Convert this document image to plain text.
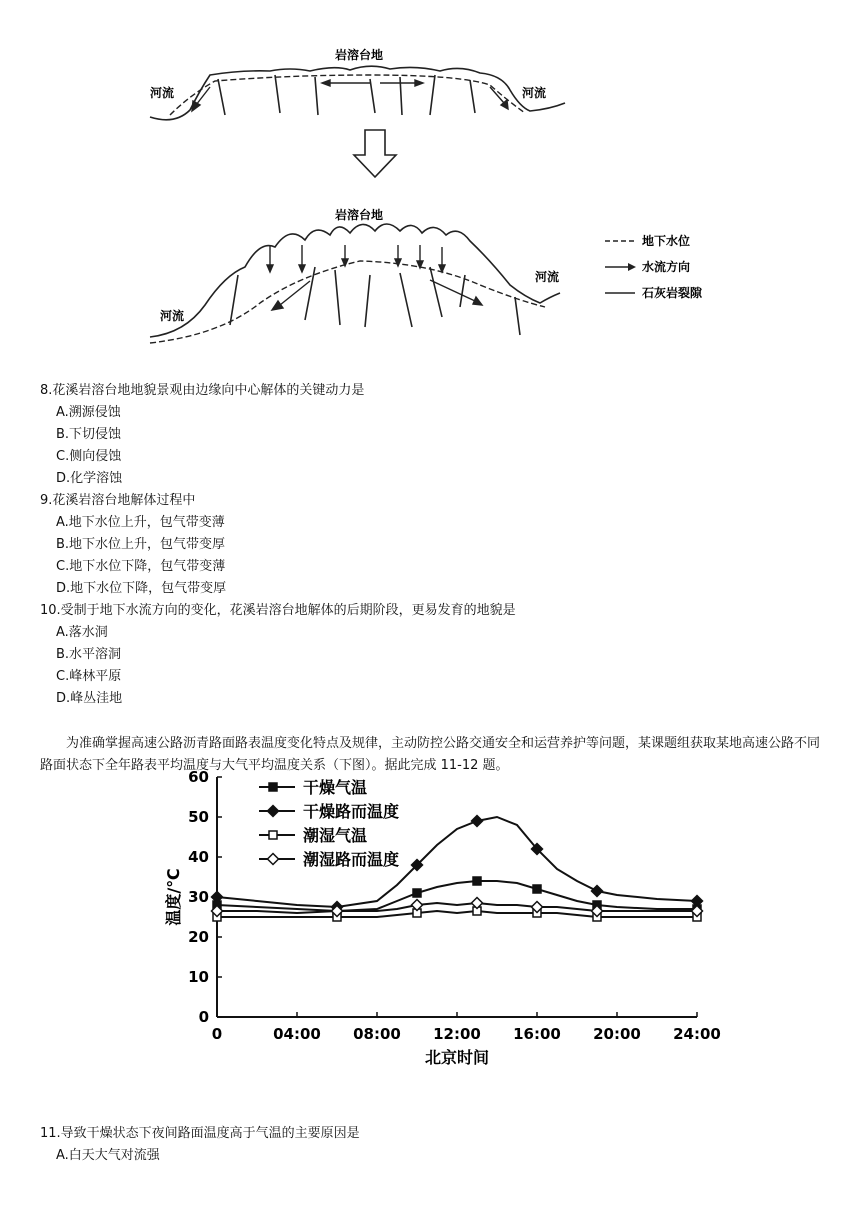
岩溶台地
河流	河流
岩溶台地
河流
河流
地下水位
水流方向
石灰岩裂隙

8.花溪岩溶台地地貌景观由边缘向中心解体的关键动力是

A.溯源侵蚀

B.下切侵蚀

C.侧向侵蚀

D.化学溶蚀

9.花溪岩溶台地解体过程中

A.地下水位上升，包气带变薄

B.地下水位上升，包气带变厚

C.地下水位下降，包气带变薄

D.地下水位下降，包气带变厚

10.受制于地下水流方向的变化，花溪岩溶台地解体的后期阶段，更易发育的地貌是

A.落水洞

B.水平溶洞

C.峰林平原

D.峰丛洼地

为准确掌握高速公路沥青路面路表温度变化特点及规律，主动防控公路交通安全和运营养护等问题，某课题组获取某地高速公路不同路面状态下全年路表平均温度与大气平均温度关系（下图）。据此完成 11-12 题。

0
10
20
30
40
50
60
0	04:00 08:00 12:00 16:00 20:00 24:00
北京时间
温度/℃
干燥气温
干燥路而温度
潮湿气温
潮湿路而温度

11.导致干燥状态下夜间路面温度高于气温的主要原因是

A.白天大气对流强
